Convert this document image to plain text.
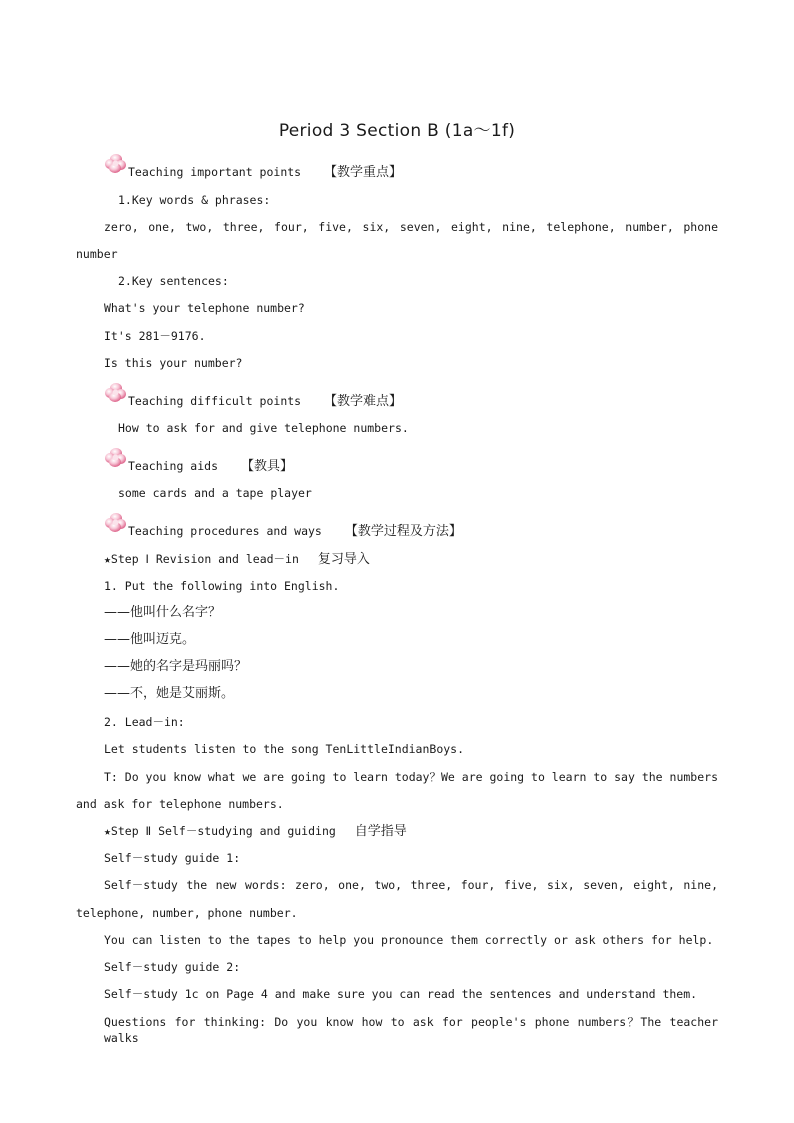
Period 3 Section B (1a～1f)
Teaching important points 【教学重点】
1.Key words & phrases:
zero, one, two, three, four, five, six, seven, eight, nine, telephone, number, phone
number
2.Key sentences:
What's your telephone number?
It's 281－9176.
Is this your number?
Teaching difficult points 【教学难点】
How to ask for and give telephone numbers.
Teaching aids 【教具】
some cards and a tape player
Teaching procedures and ways 【教学过程及方法】
★Step Ⅰ Revision and lead－in 复习导入
1. Put the following into English.
——他叫什么名字？
——他叫迈克。
——她的名字是玛丽吗？
——不，她是艾丽斯。
2. Lead－in:
Let students listen to the song TenLittleIndianBoys.
T: Do you know what we are going to learn today？We are going to learn to say the numbers
and ask for telephone numbers.
★Step Ⅱ Self－studying and guiding 自学指导
Self－study guide 1:
Self－study the new words: zero, one, two, three, four, five, six, seven, eight, nine,
telephone, number, phone number.
You can listen to the tapes to help you pronounce them correctly or ask others for help.
Self－study guide 2:
Self－study 1c on Page 4 and make sure you can read the sentences and understand them.
Questions for thinking: Do you know how to ask for people's phone numbers？The teacher walks
